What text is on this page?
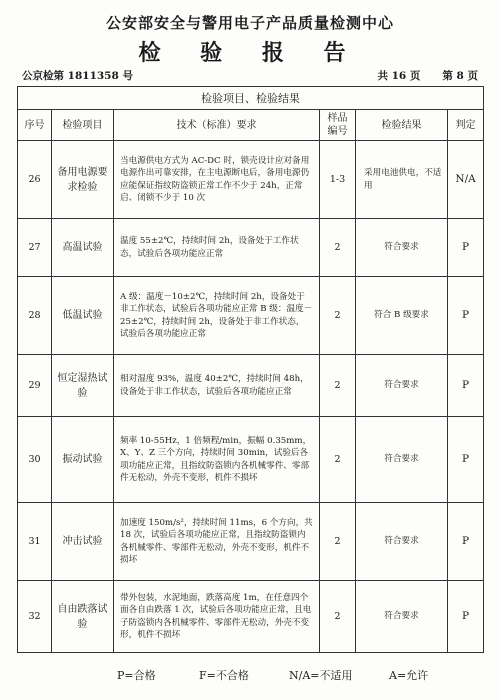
公安部安全与警用电子产品质量检测中心
检 验 报 告
公京检第 1811358 号	共 16 页 第 8 页
检验项目、检验结果					
序号	检验项目	技术（标准）要求	样品编号	检验结果	判定
26	备用电源要求检验	当电源供电方式为 AC-DC 时，锁壳设计应对备用电源作出可靠安排，在主电源断电后，备用电源仍应能保证指纹防盗锁正常工作不少于 24h，正常启、闭锁不少于 10 次	1-3	采用电池供电，不适用	N/A
27	高温试验	温度 55±2℃，持续时间 2h，设备处于工作状态，试验后各项功能应正常	2	符合要求	P
28	低温试验	A 级：温度－10±2℃，持续时间 2h，设备处于非工作状态，试验后各项功能应正常 B 级：温度－25±2℃，持续时间 2h，设备处于非工作状态，试验后各项功能应正常	2	符合 B 级要求	P
29	恒定湿热试验	相对湿度 93%，温度 40±2℃，持续时间 48h，设备处于非工作状态，试验后各项功能应正常	2	符合要求	P
30	振动试验	频率 10-55Hz，1 倍频程/min，振幅 0.35mm，X、Y、Z 三个方向，持续时间 30min，试验后各项功能应正常，且指纹防盗锁内各机械零件、零部件无松动，外壳不变形，机件不损坏	2	符合要求	P
31	冲击试验	加速度 150m/s²，持续时间 11ms，6 个方向，共 18 次，试验后各项功能应正常，且指纹防盗锁内各机械零件、零部件无松动，外壳不变形，机件不损坏	2	符合要求	P
32	自由跌落试验	带外包装，水泥地面，跌落高度 1m，在任意四个面各自由跌落 1 次，试验后各项功能应正常，且电子防盗锁内各机械零件、零部件无松动，外壳不变形，机件不损坏	2	符合要求	P
P=合格	F=不合格	N/A=不适用	A=允许
